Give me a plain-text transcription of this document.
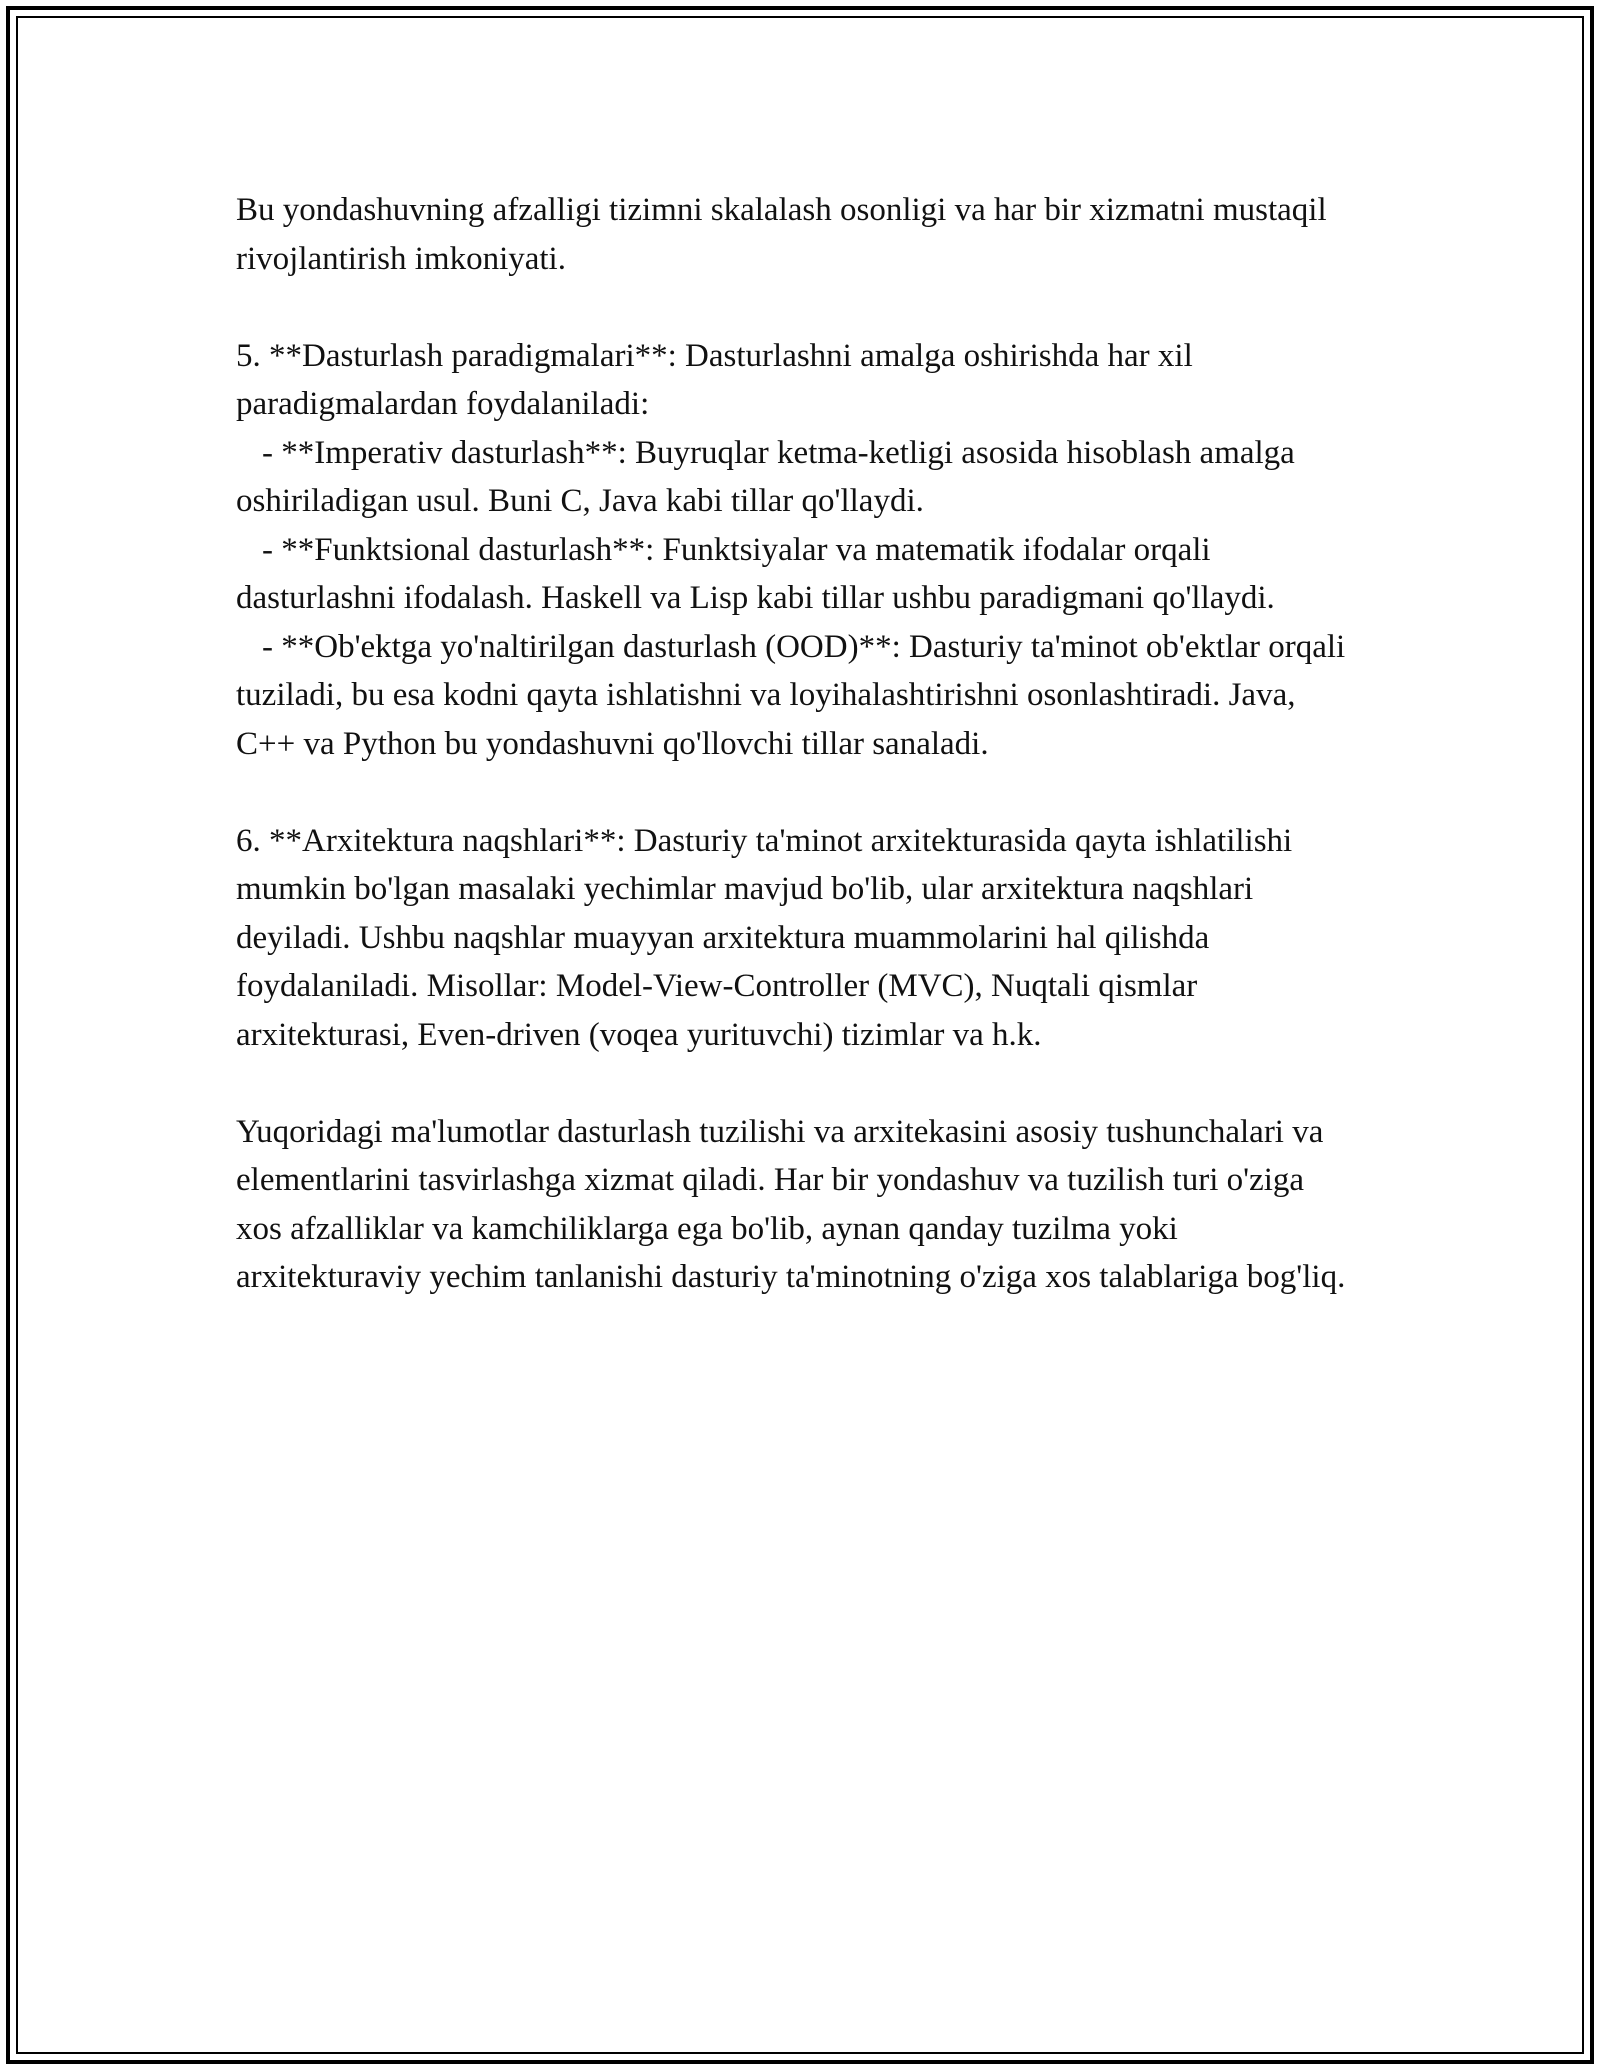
Bu yondashuvning afzalligi tizimni skalalash osonligi va har bir xizmatni mustaqil rivojlantirish imkoniyati.

5. **Dasturlash paradigmalari**: Dasturlashni amalga oshirishda har xil paradigmalardan foydalaniladi:
- **Imperativ dasturlash**: Buyruqlar ketma-ketligi asosida hisoblash amalga oshiriladigan usul. Buni C, Java kabi tillar qo'llaydi.
- **Funktsional dasturlash**: Funktsiyalar va matematik ifodalar orqali dasturlashni ifodalash. Haskell va Lisp kabi tillar ushbu paradigmani qo'llaydi.
- **Ob'ektga yo'naltirilgan dasturlash (OOD)**: Dasturiy ta'minot ob'ektlar orqali tuziladi, bu esa kodni qayta ishlatishni va loyihalashtirishni osonlashtiradi. Java, C++ va Python bu yondashuvni qo'llovchi tillar sanaladi.

6. **Arxitektura naqshlari**: Dasturiy ta'minot arxitekturasida qayta ishlatilishi mumkin bo'lgan masalaki yechimlar mavjud bo'lib, ular arxitektura naqshlari deyiladi. Ushbu naqshlar muayyan arxitektura muammolarini hal qilishda foydalaniladi. Misollar: Model-View-Controller (MVC), Nuqtali qismlar arxitekturasi, Even-driven (voqea yurituvchi) tizimlar va h.k.

Yuqoridagi ma'lumotlar dasturlash tuzilishi va arxitekasini asosiy tushunchalari va elementlarini tasvirlashga xizmat qiladi. Har bir yondashuv va tuzilish turi o'ziga xos afzalliklar va kamchiliklarga ega bo'lib, aynan qanday tuzilma yoki arxitekturaviy yechim tanlanishi dasturiy ta'minotning o'ziga xos talablariga bog'liq.
